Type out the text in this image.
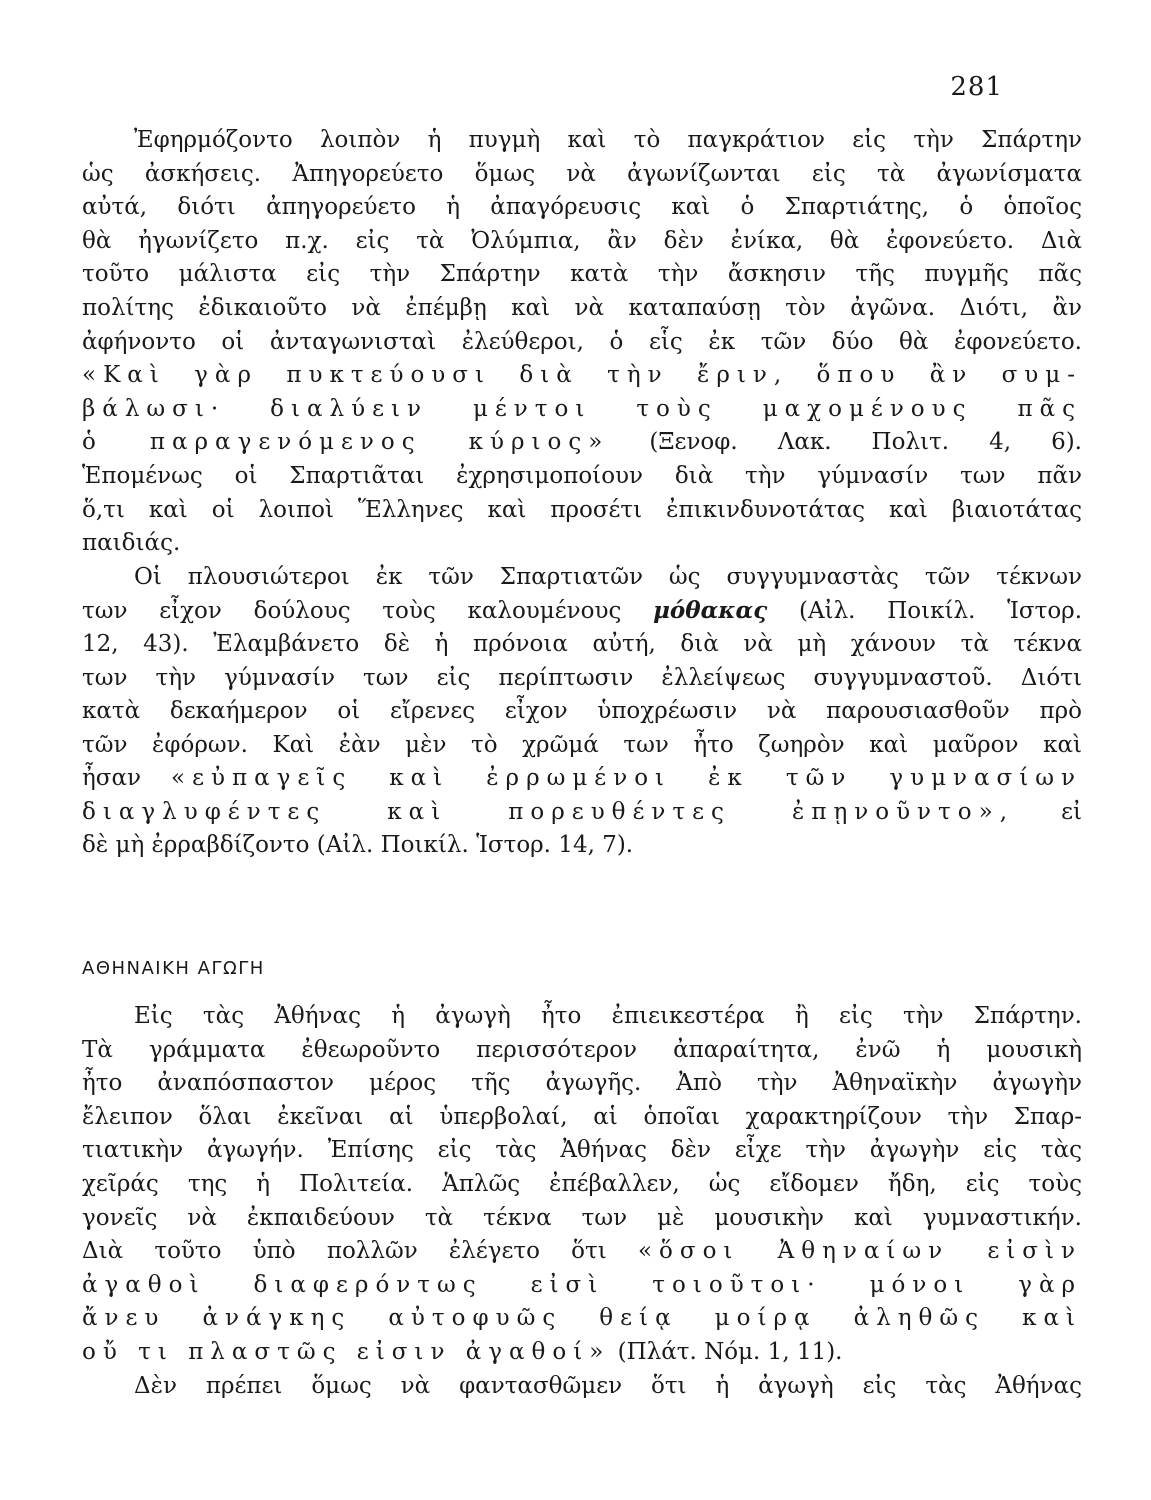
281
Ἐφηρμόζοντο λοιπὸν ἡ πυγμὴ καὶ τὸ παγκράτιον εἰς τὴν Σπάρτην
ὡς ἀσκήσεις. Ἀπηγορεύετο ὅμως νὰ ἀγωνίζωνται εἰς τὰ ἀγωνίσματα
αὐτά, διότι ἀπηγορεύετο ἡ ἀπαγόρευσις καὶ ὁ Σπαρτιάτης, ὁ ὁποῖος
θὰ ἠγωνίζετο π.χ. εἰς τὰ Ὀλύμπια, ἂν δὲν ἐνίκα, θὰ ἐφονεύετο. Διὰ
τοῦτο μάλιστα εἰς τὴν Σπάρτην κατὰ τὴν ἄσκησιν τῆς πυγμῆς πᾶς
πολίτης ἐδικαιοῦτο νὰ ἐπέμβῃ καὶ νὰ καταπαύσῃ τὸν ἀγῶνα. Διότι, ἂν
ἀφήνοντο οἱ ἀνταγωνισταὶ ἐλεύθεροι, ὁ εἷς ἐκ τῶν δύο θὰ ἐφονεύετο.
«Καὶ γὰρ πυκτεύουσι διὰ τὴν ἔριν, ὅπου ἂν συμ-
βάλωσι· διαλύειν μέντοι τοὺς μαχομένους πᾶς
ὁ παραγενόμενος κύριος» (Ξενοφ. Λακ. Πολιτ. 4, 6).
Ἑπομένως οἱ Σπαρτιᾶται ἐχρησιμοποίουν διὰ τὴν γύμνασίν των πᾶν
ὅ,τι καὶ οἱ λοιποὶ Ἕλληνες καὶ προσέτι ἐπικινδυνοτάτας καὶ βιαιοτάτας
παιδιάς.
Οἱ πλουσιώτεροι ἐκ τῶν Σπαρτιατῶν ὡς συγγυμναστὰς τῶν τέκνων
των εἶχον δούλους τοὺς καλουμένους μόθακας (Αἰλ. Ποικίλ. Ἱστορ.
12, 43). Ἐλαμβάνετο δὲ ἡ πρόνοια αὐτή, διὰ νὰ μὴ χάνουν τὰ τέκνα
των τὴν γύμνασίν των εἰς περίπτωσιν ἐλλείψεως συγγυμναστοῦ. Διότι
κατὰ δεκαήμερον οἱ εἴρενες εἶχον ὑποχρέωσιν νὰ παρουσιασθοῦν πρὸ
τῶν ἐφόρων. Καὶ ἐὰν μὲν τὸ χρῶμά των ἦτο ζωηρὸν καὶ μαῦρον καὶ
ἦσαν «εὐπαγεῖς καὶ ἐρρωμένοι ἐκ τῶν γυμνασίων
διαγλυφέντες καὶ πορευθέντες ἐπῃνοῦντο», εἰ
δὲ μὴ ἐρραβδίζοντο (Αἰλ. Ποικίλ. Ἱστορ. 14, 7).
ΑΘΗΝΑΙΚΗ ΑΓΩΓΗ
Εἰς τὰς Ἀθήνας ἡ ἀγωγὴ ἦτο ἐπιεικεστέρα ἢ εἰς τὴν Σπάρτην.
Τὰ γράμματα ἐθεωροῦντο περισσότερον ἀπαραίτητα, ἐνῶ ἡ μουσικὴ
ἦτο ἀναπόσπαστον μέρος τῆς ἀγωγῆς. Ἀπὸ τὴν Ἀθηναϊκὴν ἀγωγὴν
ἔλειπον ὅλαι ἐκεῖναι αἱ ὑπερβολαί, αἱ ὁποῖαι χαρακτηρίζουν τὴν Σπαρ-
τιατικὴν ἀγωγήν. Ἐπίσης εἰς τὰς Ἀθήνας δὲν εἶχε τὴν ἀγωγὴν εἰς τὰς
χεῖράς της ἡ Πολιτεία. Ἁπλῶς ἐπέβαλλεν, ὡς εἴδομεν ἤδη, εἰς τοὺς
γονεῖς νὰ ἐκπαιδεύουν τὰ τέκνα των μὲ μουσικὴν καὶ γυμναστικήν.
Διὰ τοῦτο ὑπὸ πολλῶν ἐλέγετο ὅτι «ὅσοι Ἀθηναίων εἰσὶν
ἀγαθοὶ διαφερόντως εἰσὶ τοιοῦτοι· μόνοι γὰρ
ἄνευ ἀνάγκης αὐτοφυῶς θείᾳ μοίρᾳ ἀληθῶς καὶ
οὔ τι πλαστῶς εἰσιν ἀγαθοί» (Πλάτ. Νόμ. 1, 11).
Δὲν πρέπει ὅμως νὰ φαντασθῶμεν ὅτι ἡ ἀγωγὴ εἰς τὰς Ἀθήνας
